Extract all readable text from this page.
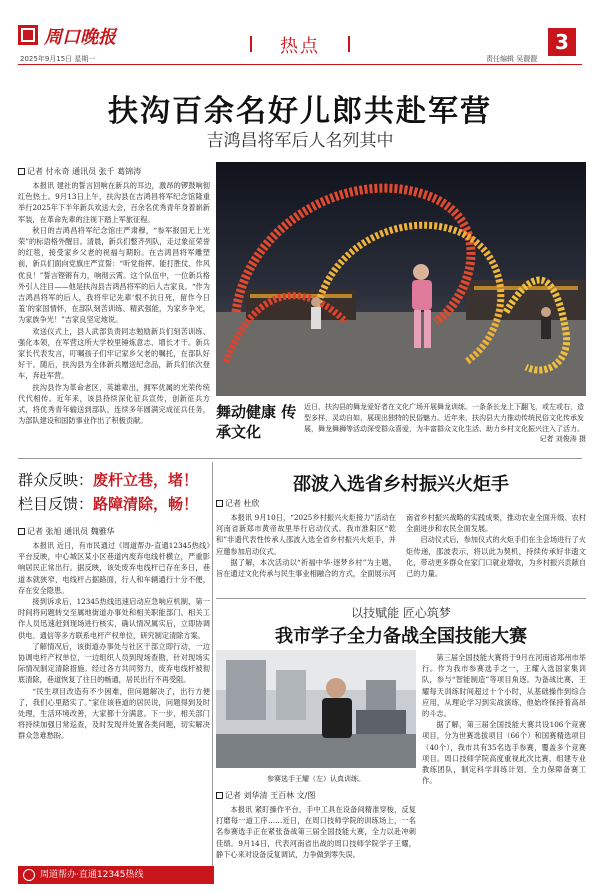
周口晚报
2025年9月15日 星期一
热点	3
责任编辑 吴靓靓
扶沟百余名好儿郎共赴军营
吉鸿昌将军后人名列其中
记者 付永奇 通讯员 张千 葛锦涛

本报讯 建社的誓言回响在新兵的耳边，激昂的锣鼓响彻红色热土。9月13日上午，扶沟县在吉鸿昌将军纪念馆隆重举行2025年下半年新兵欢送大会，百余名优秀青年身着崭新军装，在革命先辈的注视下踏上军旅征程。

秋日的吉鸿昌将军纪念馆庄严肃穆，“参军报国无上光荣”的标语格外醒目。清晨，新兵们整齐列队，走过象征荣誉的红毯，接受家乡父老的祝福与期盼。在吉鸿昌将军雕塑前，新兵们面向党旗庄严宣誓：“听党指挥、能打胜仗、作风优良！”誓言铿锵有力，响彻云霄。这个队伍中，一位新兵格外引人注目——他是扶沟县吉鸿昌将军的后人吉家良。“作为吉鸿昌将军的后人，我将牢记先辈‘恨不抗日死，留作今日羞’的家国情怀，在部队刻苦训练、精武强能，为家乡争光，为家族争光！”吉家良坚定地说。

欢送仪式上，县人武部负责同志勉励新兵们刻苦训练、强化本领，在军营这所大学校里锤炼意志、增长才干。新兵家长代表发言，叮嘱孩子们牢记家乡父老的嘱托，在部队好好干。随后，扶沟县为全体新兵赠送纪念品，新兵们依次登车，奔赴军营。

扶沟县作为革命老区，英雄辈出，拥军优属的光荣传统代代相传。近年来，该县持续深化征兵宣传，创新征兵方式，将优秀青年输送到部队，连续多年圆满完成征兵任务，为部队建设和国防事业作出了积极贡献。	舞动健康 传承文化
近日，扶沟县的舞龙爱好者在文化广场开展舞龙训练。一条条长龙上下翻飞，或左或右，造型多样，灵动自如，展现出独特的民俗魅力。近年来，扶沟县大力推动传统民俗文化传承发展，舞龙舞狮等活动深受群众喜爱，为丰富群众文化生活、助力乡村文化振兴注入了活力。
记者 刘俊涛 摄
群众反映：废杆立巷，堵！
栏目反馈：路障清除，畅！
记者 张旭 通讯员 魏雅华

本报讯 近日，有市民通过《周道帮办·直通12345热线》平台反映，中心城区某小区巷道内废弃电线杆横立，严重影响居民正常出行。据反映，该处废弃电线杆已存在多日，巷道本就狭窄，电线杆占据路面，行人和车辆通行十分不便，存在安全隐患。

接到诉求后，12345热线迅速启动应急响应机制，第一时间将问题转交至属地街道办事处和相关职能部门。相关工作人员迅速赶到现场进行核实，确认情况属实后，立即协调供电、通信等多方联系电杆产权单位，研究制定清除方案。

了解情况后，该街道办事处与社区干部立即行动，一边协调电杆产权单位，一边组织人员到现场查勘，针对现场实际情况制定清除措施。经过各方共同努力，废弃电线杆被彻底清除，巷道恢复了往日的畅通，居民出行不再受阻。

“民生项目改造有不少困难，但问题解决了，出行方便了，我们心里踏实了。”家住该巷道的居民说，问题得到及时处理，生活环境改善，大家都十分满意。下一步，相关部门将持续加强日常巡查，及时发现并处置各类问题，切实解决群众急难愁盼。

邵波入选省乡村振兴火炬手
记者 杜欣

本报讯 9月10日，“2025乡村振兴火炬接力”活动在河南省新郑市黄帝故里举行启动仪式。我市淮阳区“乾和”非遗代表性传承人邵波入选全省乡村振兴火炬手，并应邀参加启动仪式。

据了解，本次活动以“祈福中华·逐梦乡村”为主题，旨在通过文化传承与民生事业相融合的方式，全面展示河南省乡村振兴战略的实践成果，推动农业全面升级、农村全面进步和农民全面发展。

启动仪式后，参加仪式的火炬手们在主会场进行了火炬传递，邵波表示，将以此为契机，持续传承好非遗文化，带动更多群众在家门口就业增收，为乡村振兴贡献自己的力量。

以技赋能 匠心筑梦
我市学子全力备战全国技能大赛
参赛选手王耀（左）认真训练。
记者 刘华清 王百林 文/图

本报讯 紧盯操作平台，手中工具在设备间精准穿梭，反复打磨每一道工序……近日，在周口技师学院的训练场上，一名名参赛选手正在紧张备战第三届全国技能大赛，全力以赴冲刺佳绩。9月14日，代表河南省出战的周口技师学院学子王耀，静下心来对设备反复调试，力争做到零失误。

第三届全国技能大赛将于9月在河南省郑州市举行。作为我市参赛选手之一，王耀入选国家集训队，参与“智能制造”等项目角逐。为备战比赛，王耀每天训练时间超过十个小时，从基础操作到综合应用，从理论学习到实战演练，他始终保持着高昂的斗志。

据了解，第三届全国技能大赛共设106个竞赛项目，分为世赛选拔项目（66个）和国赛精选项目（40个），我市共有35名选手参赛，覆盖多个竞赛项目。周口技师学院高度重视此次比赛，组建专业教练团队，制定科学训练计划，全力保障备赛工作。

周道帮办·直通12345热线
